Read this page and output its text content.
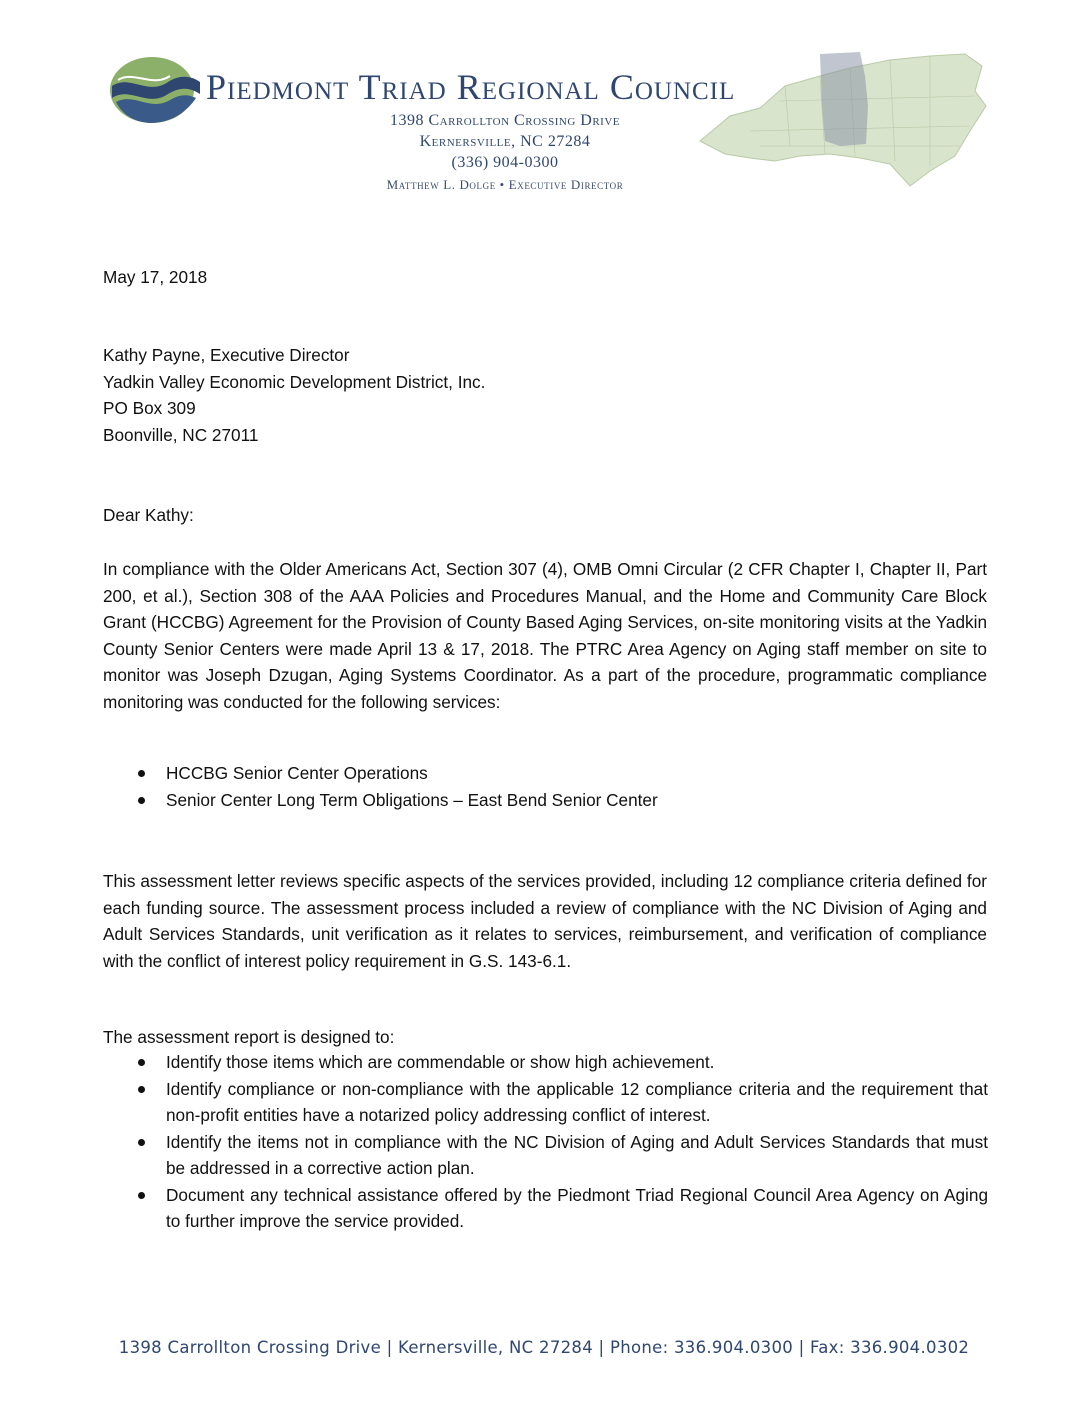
Piedmont Triad Regional Council
1398 Carrollton Crossing Drive
Kernersville, NC 27284
(336) 904-0300
Matthew L. Dolge • Executive Director
May 17, 2018
Kathy Payne, Executive Director
Yadkin Valley Economic Development District, Inc.
PO Box 309
Boonville, NC 27011
Dear Kathy:
In compliance with the Older Americans Act, Section 307 (4), OMB Omni Circular (2 CFR Chapter I, Chapter II, Part 200, et al.), Section 308 of the AAA Policies and Procedures Manual, and the Home and Community Care Block Grant (HCCBG) Agreement for the Provision of County Based Aging Services, on-site monitoring visits at the Yadkin County Senior Centers were made April 13 & 17, 2018. The PTRC Area Agency on Aging staff member on site to monitor was Joseph Dzugan, Aging Systems Coordinator. As a part of the procedure, programmatic compliance monitoring was conducted for the following services:
HCCBG Senior Center Operations
Senior Center Long Term Obligations – East Bend Senior Center
This assessment letter reviews specific aspects of the services provided, including 12 compliance criteria defined for each funding source. The assessment process included a review of compliance with the NC Division of Aging and Adult Services Standards, unit verification as it relates to services, reimbursement, and verification of compliance with the conflict of interest policy requirement in G.S. 143-6.1.
The assessment report is designed to:
Identify those items which are commendable or show high achievement.
Identify compliance or non-compliance with the applicable 12 compliance criteria and the requirement that non-profit entities have a notarized policy addressing conflict of interest.
Identify the items not in compliance with the NC Division of Aging and Adult Services Standards that must be addressed in a corrective action plan.
Document any technical assistance offered by the Piedmont Triad Regional Council Area Agency on Aging to further improve the service provided.
1398 Carrollton Crossing Drive | Kernersville, NC 27284 | Phone: 336.904.0300 | Fax: 336.904.0302
